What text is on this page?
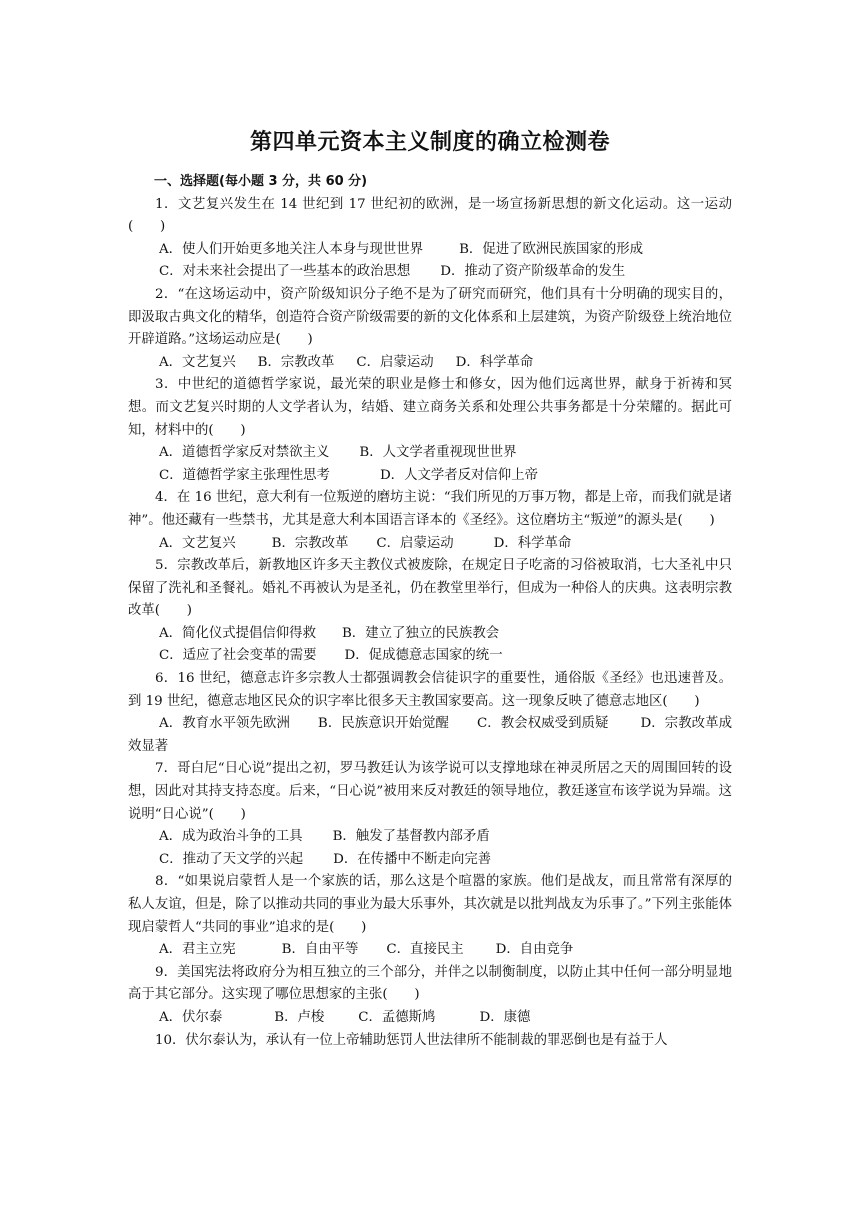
第四单元资本主义制度的确立检测卷

一、选择题(每小题 3 分，共 60 分)

1．文艺复兴发生在 14 世纪到 17 世纪初的欧洲，是一场宣扬新思想的新文化运动。这一运动(　　)

A．使人们开始更多地关注人本身与现世世界	B．促进了欧洲民族国家的形成

C．对未来社会提出了一些基本的政治思想 D．推动了资产阶级革命的发生

2．“在这场运动中，资产阶级知识分子绝不是为了研究而研究，他们具有十分明确的现实目的，即汲取古典文化的精华，创造符合资产阶级需要的新的文化体系和上层建筑，为资产阶级登上统治地位开辟道路。”这场运动应是(　　)

A．文艺复兴 B．宗教改革 C．启蒙运动 D．科学革命

3．中世纪的道德哲学家说，最光荣的职业是修士和修女，因为他们远离世界，献身于祈祷和冥想。而文艺复兴时期的人文学者认为，结婚、建立商务关系和处理公共事务都是十分荣耀的。据此可知，材料中的(　　)

A．道德哲学家反对禁欲主义 B．人文学者重视现世世界

C．道德哲学家主张理性思考	D．人文学者反对信仰上帝

4．在 16 世纪，意大利有一位叛逆的磨坊主说：“我们所见的万事万物，都是上帝，而我们就是诸神”。他还藏有一些禁书，尤其是意大利本国语言译本的《圣经》。这位磨坊主“叛逆”的源头是(　　)

A．文艺复兴	B．宗教改革 C．启蒙运动	D．科学革命

5．宗教改革后，新教地区许多天主教仪式被废除，在规定日子吃斋的习俗被取消，七大圣礼中只保留了洗礼和圣餐礼。婚礼不再被认为是圣礼，仍在教堂里举行，但成为一种俗人的庆典。这表明宗教改革(　　)

A．简化仪式提倡信仰得救 B．建立了独立的民族教会

C．适应了社会变革的需要 D．促成德意志国家的统一

6．16 世纪，德意志许多宗教人士都强调教会信徒识字的重要性，通俗版《圣经》也迅速普及。到 19 世纪，德意志地区民众的识字率比很多天主教国家要高。这一现象反映了德意志地区(　　)

A．教育水平领先欧洲 B．民族意识开始觉醒 C．教会权威受到质疑 D．宗教改革成效显著

7．哥白尼“日心说”提出之初，罗马教廷认为该学说可以支撑地球在神灵所居之天的周围回转的设想，因此对其持支持态度。后来，“日心说”被用来反对教廷的领导地位，教廷遂宣布该学说为异端。这说明“日心说”(　　)

A．成为政治斗争的工具 B．触发了基督教内部矛盾

C．推动了天文学的兴起 D．在传播中不断走向完善

8．“如果说启蒙哲人是一个家族的话，那么这是个喧嚣的家族。他们是战友，而且常常有深厚的私人友谊，但是，除了以推动共同的事业为最大乐事外，其次就是以批判战友为乐事了。”下列主张能体现启蒙哲人“共同的事业”追求的是(　　)

A．君主立宪	B．自由平等 C．直接民主 D．自由竞争

9．美国宪法将政府分为相互独立的三个部分，并伴之以制衡制度，以防止其中任何一部分明显地高于其它部分。这实现了哪位思想家的主张(　　)

A．伏尔泰	B．卢梭	C．孟德斯鸠	D．康德

10．伏尔泰认为，承认有一位上帝辅助惩罚人世法律所不能制裁的罪恶倒也是有益于人
